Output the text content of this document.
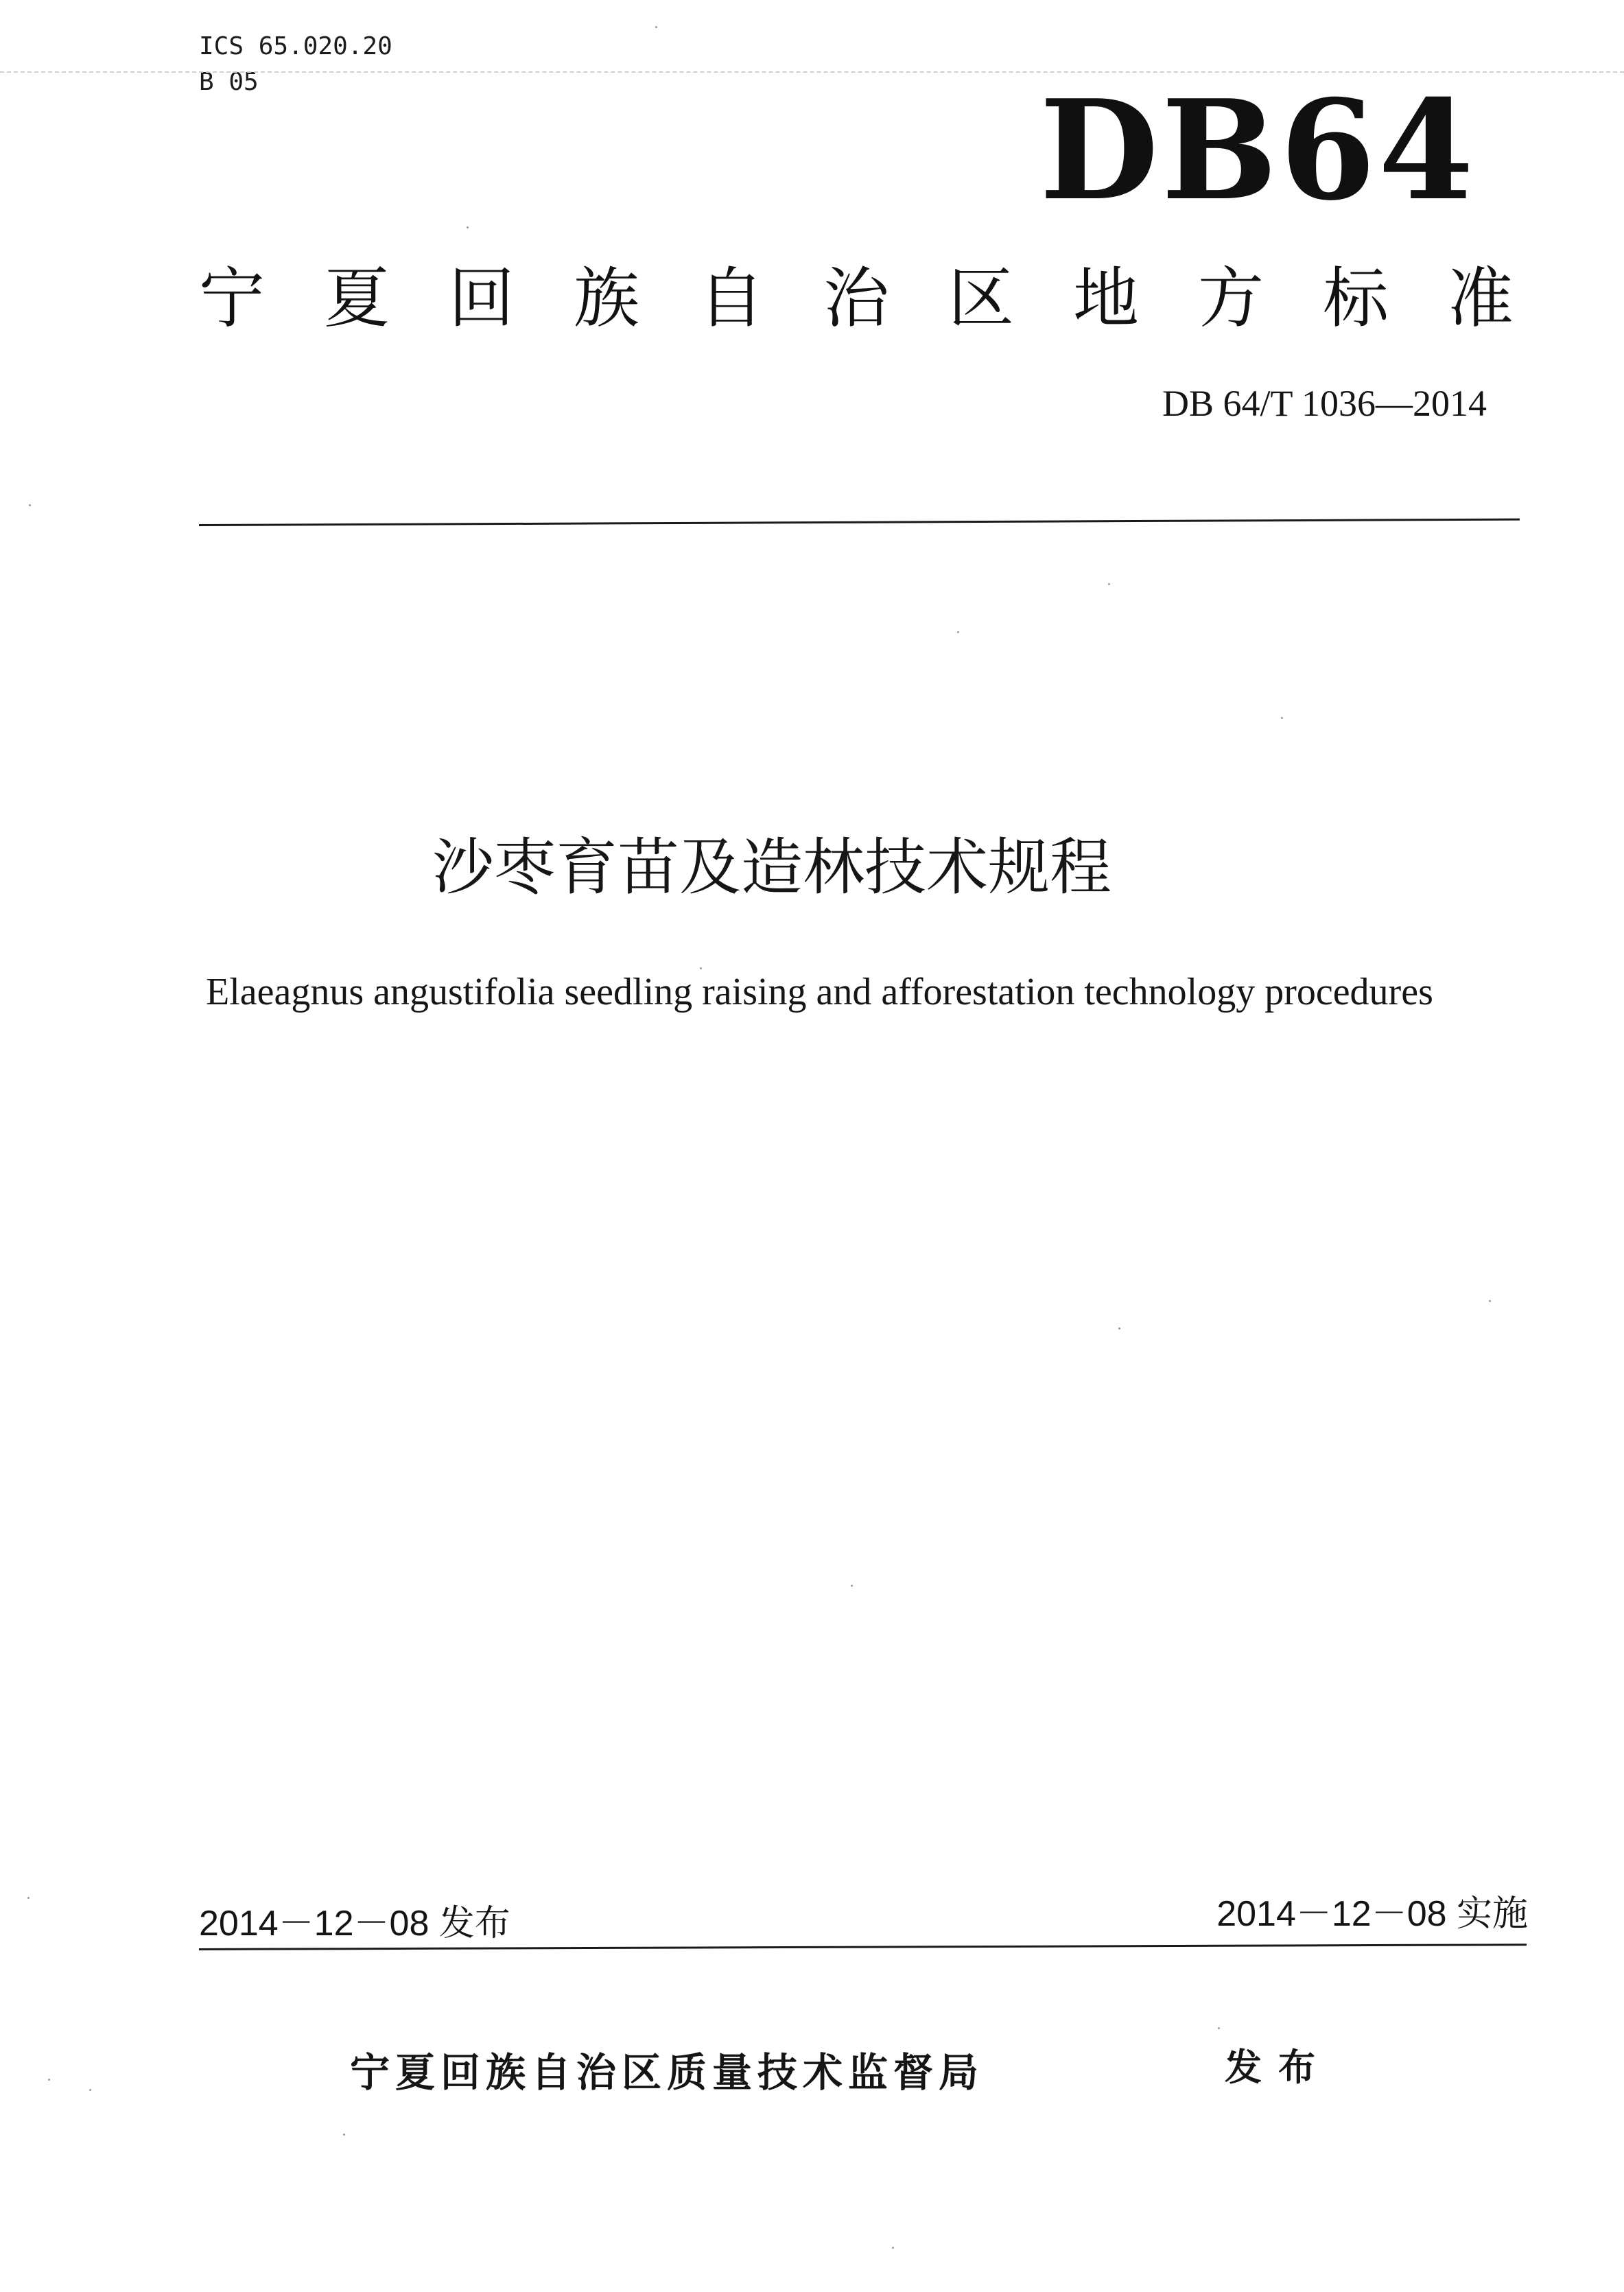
ICS 65.020.20
B 05	DB64
宁夏回族自治区地方标准
DB 64/T 1036—2014
沙枣育苗及造林技术规程
Elaeagnus angustifolia seedling raising and afforestation technology procedures
2014－12－08 发布	2014－12－08 实施
宁夏回族自治区质量技术监督局	发布
